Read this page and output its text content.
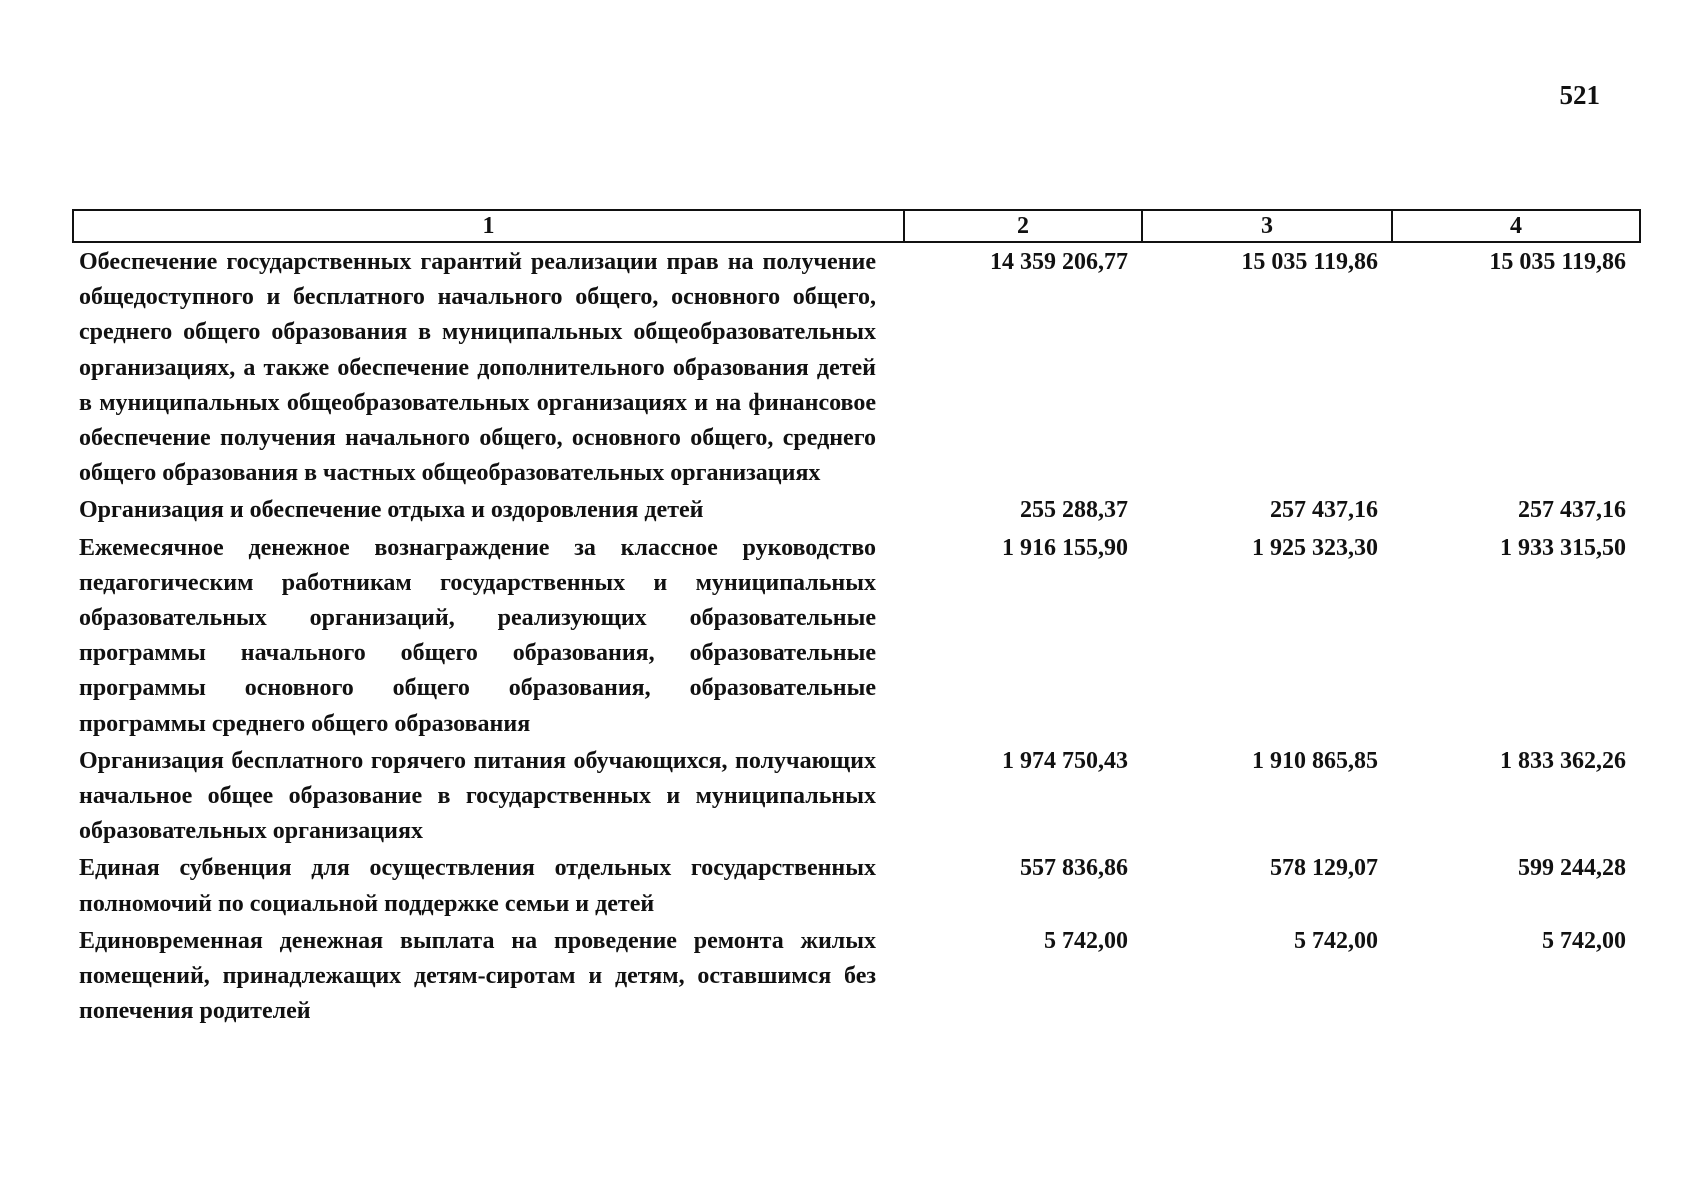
521
1	2	3	4
Обеспечение государственных гарантий реализации прав на получение общедоступного и бесплатного начального общего, основного общего, среднего общего образования в муниципальных общеобразовательных организациях, а также обеспечение дополнительного образования детей в муниципальных общеобразовательных организациях и на финансовое обеспечение получения начального общего, основного общего, среднего общего образования в частных общеобразовательных организациях	14 359 206,77	15 035 119,86	15 035 119,86
Организация и обеспечение отдыха и оздоровления детей	255 288,37	257 437,16	257 437,16
Ежемесячное денежное вознаграждение за классное руководство педагогическим работникам государственных и муниципальных образовательных организаций, реализующих образовательные программы начального общего образования, образовательные программы основного общего образования, образовательные программы среднего общего образования	1 916 155,90	1 925 323,30	1 933 315,50
Организация бесплатного горячего питания обучающихся, получающих начальное общее образование в государственных и муниципальных образовательных организациях	1 974 750,43	1 910 865,85	1 833 362,26
Единая субвенция для осуществления отдельных государственных полномочий по социальной поддержке семьи и детей	557 836,86	578 129,07	599 244,28
Единовременная денежная выплата на проведение ремонта жилых помещений, принадлежащих детям-сиротам и детям, оставшимся без попечения родителей	5 742,00	5 742,00	5 742,00
